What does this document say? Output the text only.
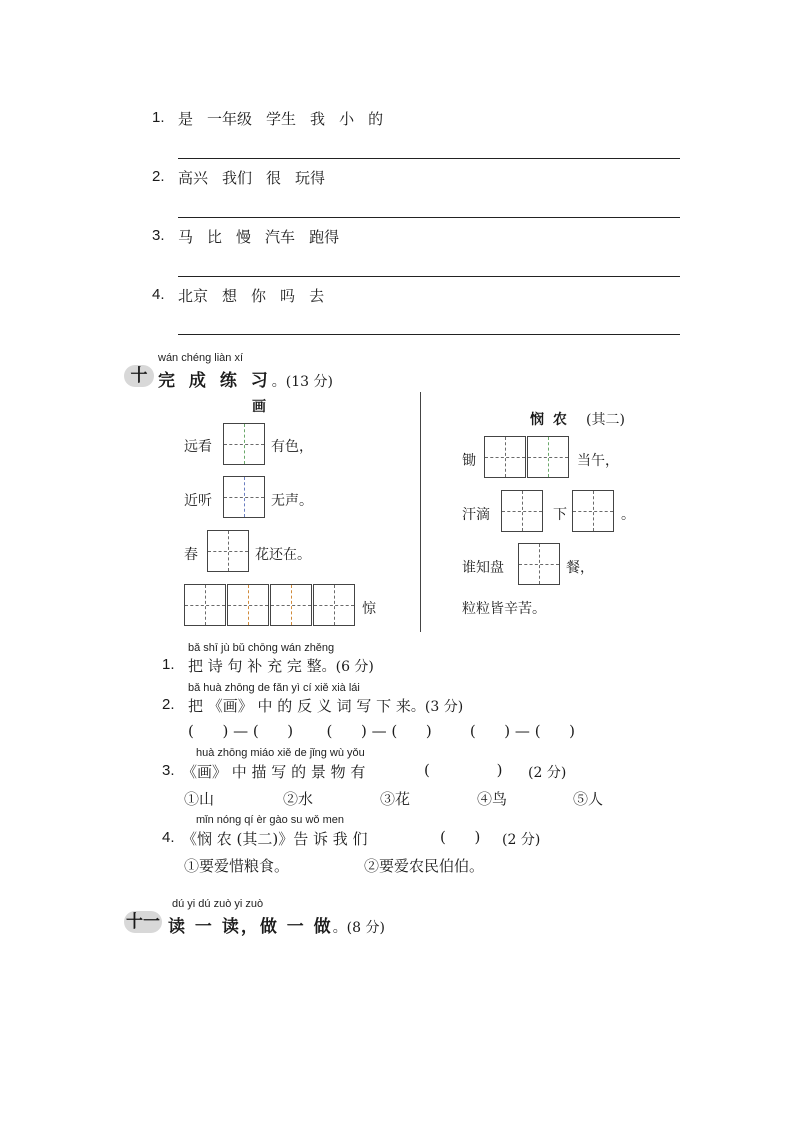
1. 是 一年级 学生 我 小 的
2. 高兴 我们 很 玩得
3. 马 比 慢 汽车 跑得
4. 北京 想 你 吗 去
wán chéng liàn xí
十 完 成 练 习。(13 分)
画
远看	有色，
近听	无声。
春	花还在。
惊
悯 农 (其二)
锄	当午，
汗滴	下	。
谁知盘	餐，
粒粒皆辛苦。
bǎ shī jù bǔ chōng wán zhěng
1. 把 诗 句 补 充 完 整。(6 分)
bǎ huà zhōng de fǎn yì cí xiě xià lái
2. 把 《画》 中 的 反 义 词 写 下 来。(3 分)
(      ) — (      )       (      ) — (      )        (      ) — (      )
huà zhōng miáo xiě de jǐng wù yǒu
3. 《画》 中 描 写 的 景 物 有	(              ) (2 分)
①山	②水	③花	④鸟	⑤人
mǐn nóng qí èr gào su wǒ men
4. 《悯 农 (其二)》告 诉 我 们	(      ) (2 分)
①要爱惜粮食。	②要爱农民伯伯。
dú yi dú zuò yi zuò
十一 读 一 读，做 一 做。(8 分)
